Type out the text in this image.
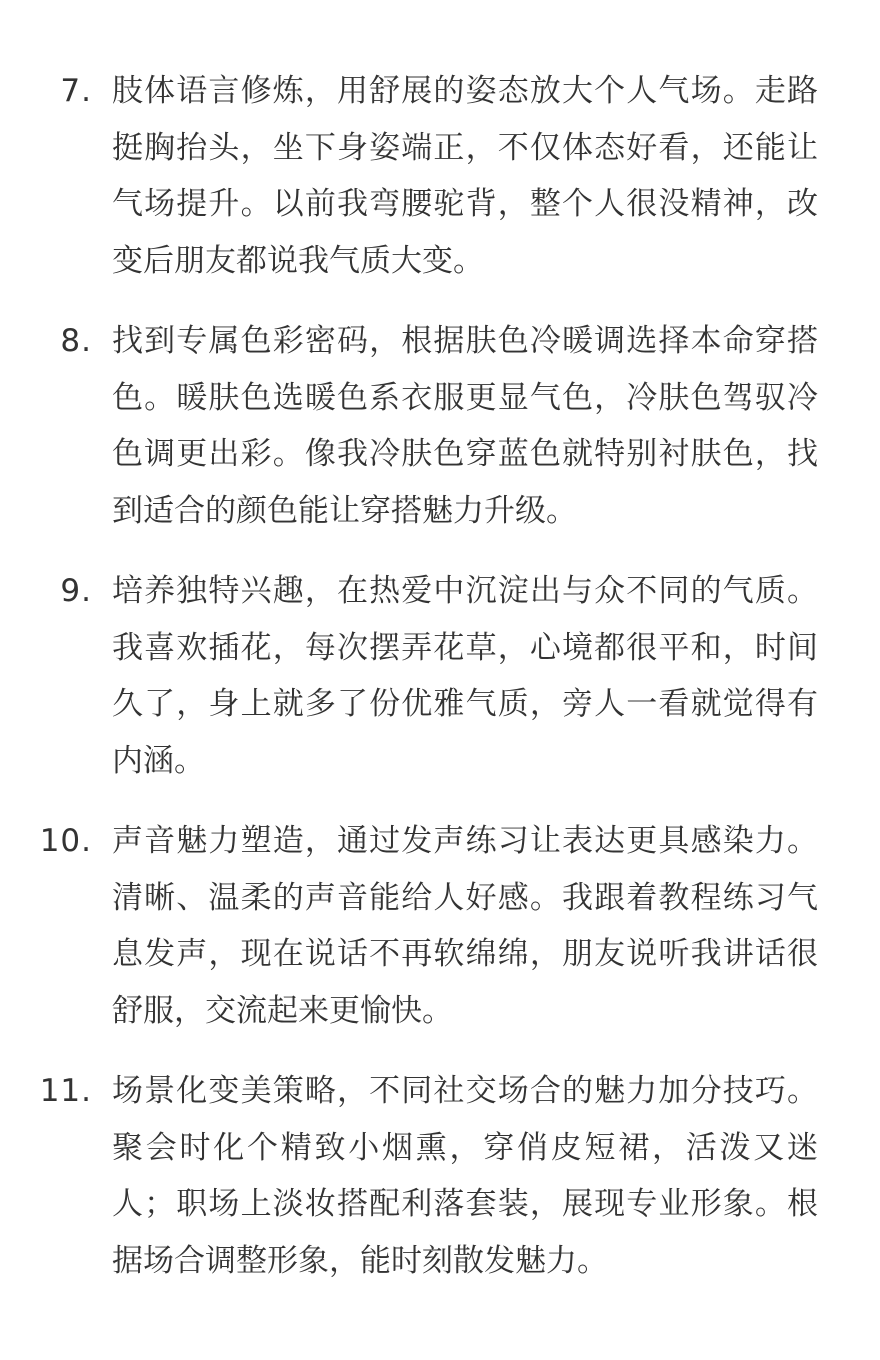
7. 肢体语言修炼，用舒展的姿态放大个人气场。走路挺胸抬头，坐下身姿端正，不仅体态好看，还能让气场提升。以前我弯腰驼背，整个人很没精神，改变后朋友都说我气质大变。
8. 找到专属色彩密码，根据肤色冷暖调选择本命穿搭色。暖肤色选暖色系衣服更显气色，冷肤色驾驭冷色调更出彩。像我冷肤色穿蓝色就特别衬肤色，找到适合的颜色能让穿搭魅力升级。
9. 培养独特兴趣，在热爱中沉淀出与众不同的气质。我喜欢插花，每次摆弄花草，心境都很平和，时间久了，身上就多了份优雅气质，旁人一看就觉得有内涵。
10. 声音魅力塑造，通过发声练习让表达更具感染力。清晰、温柔的声音能给人好感。我跟着教程练习气息发声，现在说话不再软绵绵，朋友说听我讲话很舒服，交流起来更愉快。
11. 场景化变美策略，不同社交场合的魅力加分技巧。聚会时化个精致小烟熏，穿俏皮短裙，活泼又迷人；职场上淡妆搭配利落套装，展现专业形象。根据场合调整形象，能时刻散发魅力。
